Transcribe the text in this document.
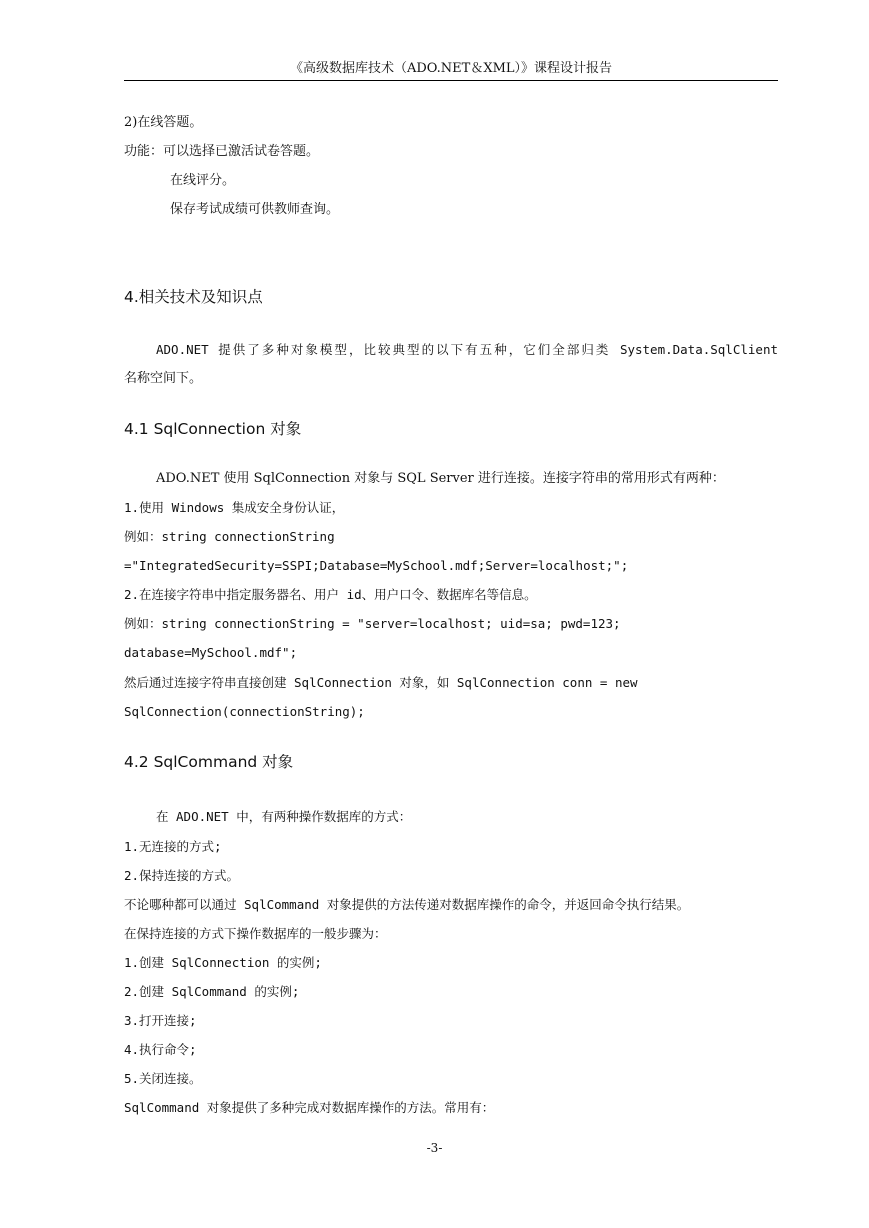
《高级数据库技术（ADO.NET＆XML）》课程设计报告
2)在线答题。
功能：可以选择已激活试卷答题。
在线评分。
保存考试成绩可供教师查询。
4.相关技术及知识点
ADO.NET 提供了多种对象模型，比较典型的以下有五种，它们全部归类 System.Data.SqlClient
名称空间下。
4.1 SqlConnection 对象
ADO.NET 使用 SqlConnection 对象与 SQL Server 进行连接。连接字符串的常用形式有两种：
1.使用 Windows 集成安全身份认证，
例如：string connectionString
="IntegratedSecurity=SSPI;Database=MySchool.mdf;Server=localhost;";
2.在连接字符串中指定服务器名、用户 id、用户口令、数据库名等信息。
例如：string connectionString = "server=localhost; uid=sa; pwd=123;
database=MySchool.mdf";
然后通过连接字符串直接创建 SqlConnection 对象，如 SqlConnection conn = new
SqlConnection(connectionString);
4.2 SqlCommand 对象
在 ADO.NET 中，有两种操作数据库的方式：
1.无连接的方式;
2.保持连接的方式。
不论哪种都可以通过 SqlCommand 对象提供的方法传递对数据库操作的命令，并返回命令执行结果。
在保持连接的方式下操作数据库的一般步骤为：
1.创建 SqlConnection 的实例;
2.创建 SqlCommand 的实例;
3.打开连接;
4.执行命令;
5.关闭连接。
SqlCommand 对象提供了多种完成对数据库操作的方法。常用有：
-3-
